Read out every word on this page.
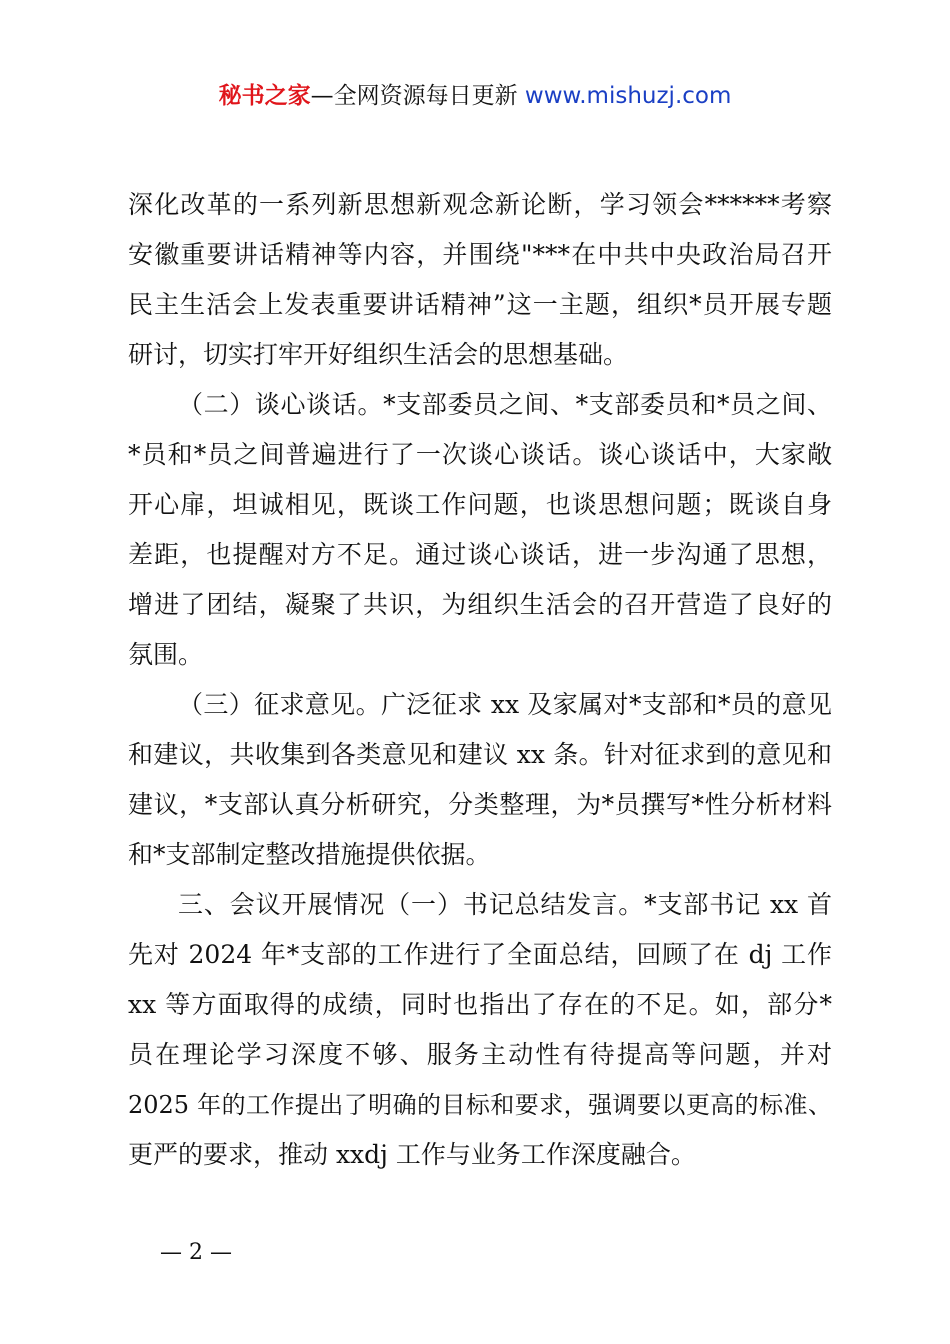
秘书之家—全网资源每日更新 www.mishuzj.com
深化改革的一系列新思想新观念新论断，学习领会******考察
安徽重要讲话精神等内容，并围绕"***在中共中央政治局召开
民主生活会上发表重要讲话精神”这一主题，组织*员开展专题
研讨，切实打牢开好组织生活会的思想基础。
（二）谈心谈话。*支部委员之间、*支部委员和*员之间、
*员和*员之间普遍进行了一次谈心谈话。谈心谈话中，大家敞
开心扉，坦诚相见，既谈工作问题，也谈思想问题；既谈自身
差距，也提醒对方不足。通过谈心谈话，进一步沟通了思想，
增进了团结，凝聚了共识，为组织生活会的召开营造了良好的
氛围。
（三）征求意见。广泛征求 xx 及家属对*支部和*员的意见
和建议，共收集到各类意见和建议 xx 条。针对征求到的意见和
建议，*支部认真分析研究，分类整理，为*员撰写*性分析材料
和*支部制定整改措施提供依据。
三、会议开展情况（一）书记总结发言。*支部书记 xx 首
先对 2024 年*支部的工作进行了全面总结，回顾了在 dj 工作
xx 等方面取得的成绩，同时也指出了存在的不足。如，部分*
员在理论学习深度不够、服务主动性有待提高等问题，并对
2025 年的工作提出了明确的目标和要求，强调要以更高的标准、
更严的要求，推动 xxdj 工作与业务工作深度融合。
— 2 —
